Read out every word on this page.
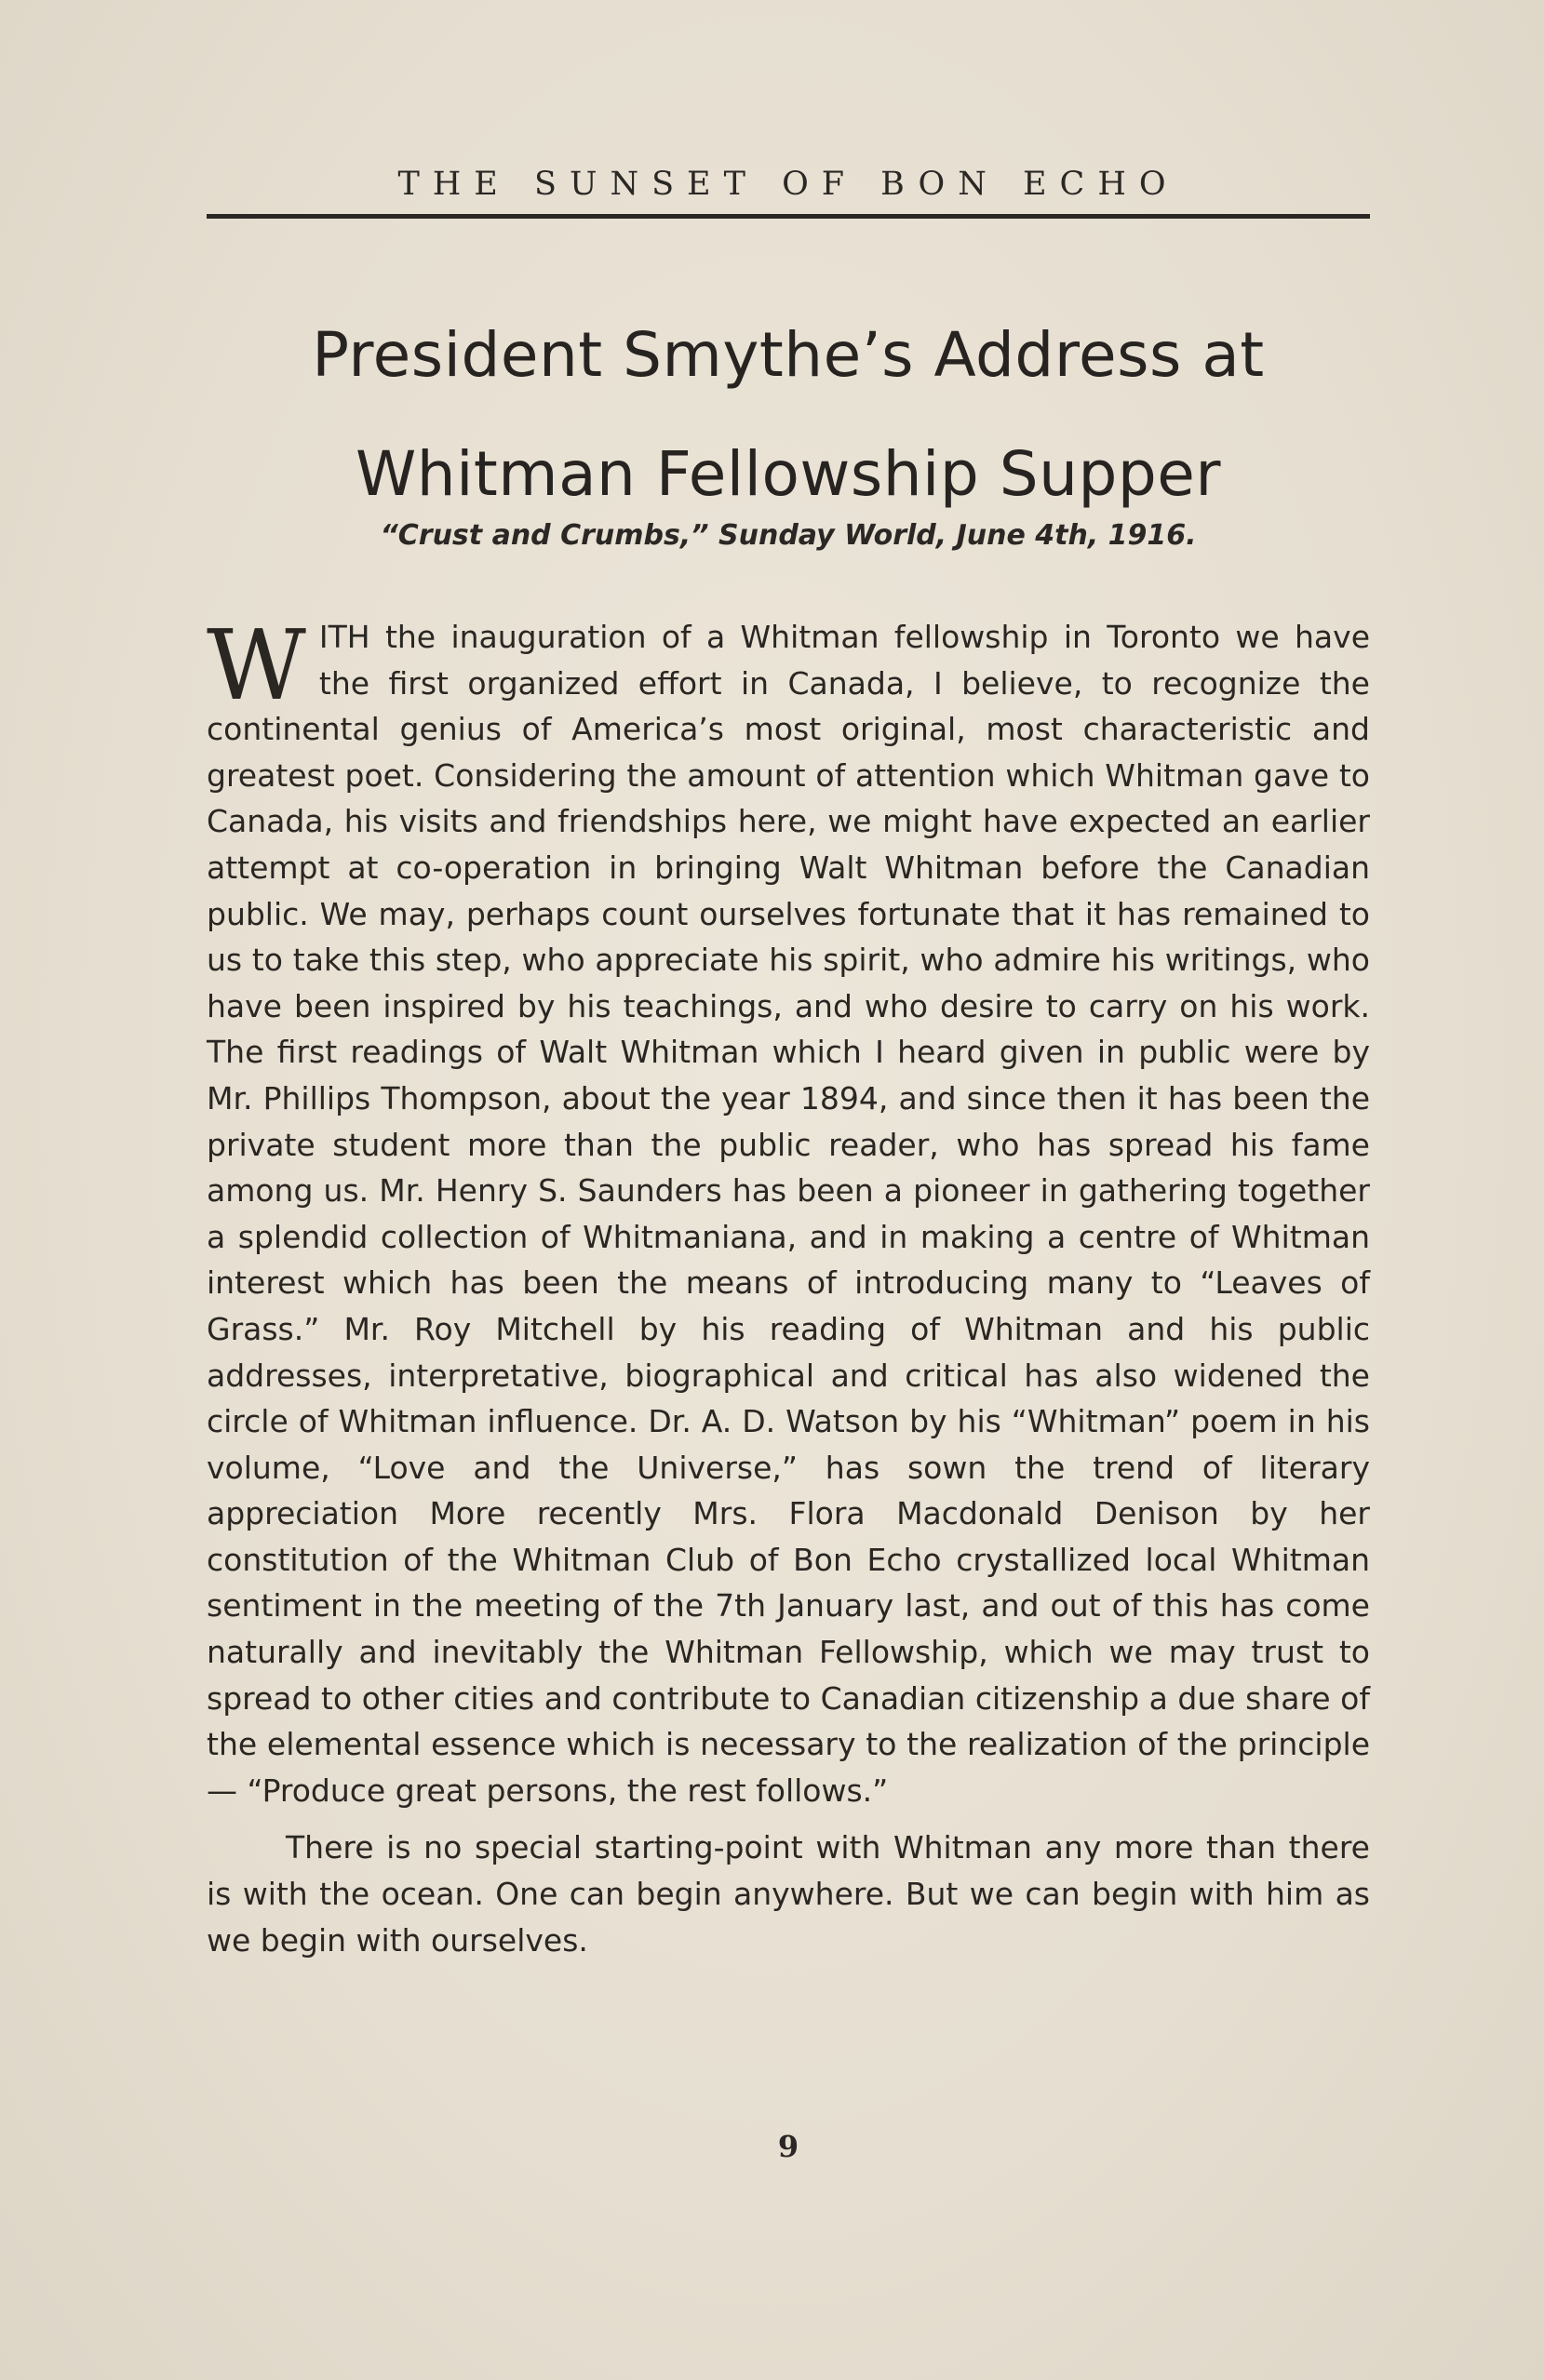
THE SUNSET OF BON ECHO
President Smythe’s Address at
Whitman Fellowship Supper
“Crust and Crumbs,” Sunday World, June 4th, 1916.

WITH the inauguration of a Whitman fellowship in Toronto we have the first organized effort in Canada, I believe, to recognize the continental genius of America’s most original, most characteristic and greatest poet. Considering the amount of attention which Whitman gave to Canada, his visits and friendships here, we might have expected an earlier attempt at co-operation in bringing Walt Whitman before the Canadian public. We may, perhaps count ourselves fortunate that it has remained to us to take this step, who appreciate his spirit, who admire his writings, who have been inspired by his teachings, and who desire to carry on his work. The first readings of Walt Whitman which I heard given in public were by Mr. Phillips Thompson, about the year 1894, and since then it has been the private student more than the public reader, who has spread his fame among us. Mr. Henry S. Saunders has been a pioneer in gathering together a splendid collection of Whitmaniana, and in making a centre of Whitman interest which has been the means of introducing many to “Leaves of Grass.” Mr. Roy Mitchell by his reading of Whitman and his public addresses, interpretative, biographical and critical has also widened the circle of Whitman influence. Dr. A. D. Watson by his “Whitman” poem in his volume, “Love and the Universe,” has sown the trend of literary appreciation More recently Mrs. Flora Macdonald Denison by her constitution of the Whitman Club of Bon Echo crystallized local Whitman sentiment in the meeting of the 7th January last, and out of this has come naturally and inevitably the Whitman Fellowship, which we may trust to spread to other cities and contribute to Canadian citizenship a due share of the elemental essence which is necessary to the realization of the principle— “Produce great persons, the rest follows.”

There is no special starting-point with Whitman any more than there is with the ocean. One can begin anywhere. But we can begin with him as we begin with ourselves.

9
